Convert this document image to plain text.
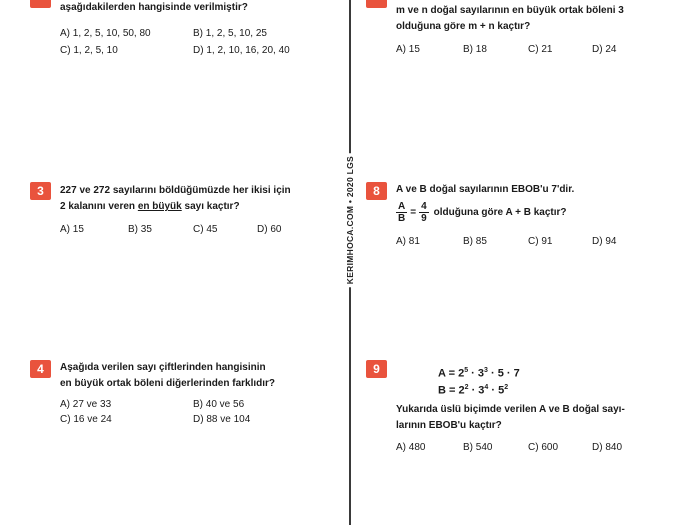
KERIMHOCA.COM • 2020 LGS
aşağıdakilerden hangisinde verilmiştir?
A) 1, 2, 5, 10, 50, 80	B) 1, 2, 5, 10, 25
C) 1, 2, 5, 10	D) 1, 2, 10, 16, 20, 40
3	227 ve 272 sayılarını böldüğümüzde her ikisi için
2 kalanını veren en büyük sayı kaçtır?
A) 15	B) 35	C) 45	D) 60
4	Aşağıda verilen sayı çiftlerinden hangisinin
en büyük ortak böleni diğerlerinden farklıdır?
A) 27 ve 33	B) 40 ve 56
C) 16 ve 24	D) 88 ve 104
m ve n doğal sayılarının en büyük ortak böleni 3
olduğuna göre m + n kaçtır?
A) 15	B) 18	C) 21	D) 24
8	A ve B doğal sayılarının EBOB'u 7'dir.
$\frac{A}{B} = \frac{4}{9}$ olduğuna göre A + B kaçtır?
A) 81	B) 85	C) 91	D) 94
9	$A = 2^5 \cdot 3^3 \cdot 5 \cdot 7$
$B = 2^2 \cdot 3^4 \cdot 5^2$
Yukarıda üslü biçimde verilen A ve B doğal sayı-
larının EBOB'u kaçtır?
A) 480	B) 540	C) 600	D) 840
